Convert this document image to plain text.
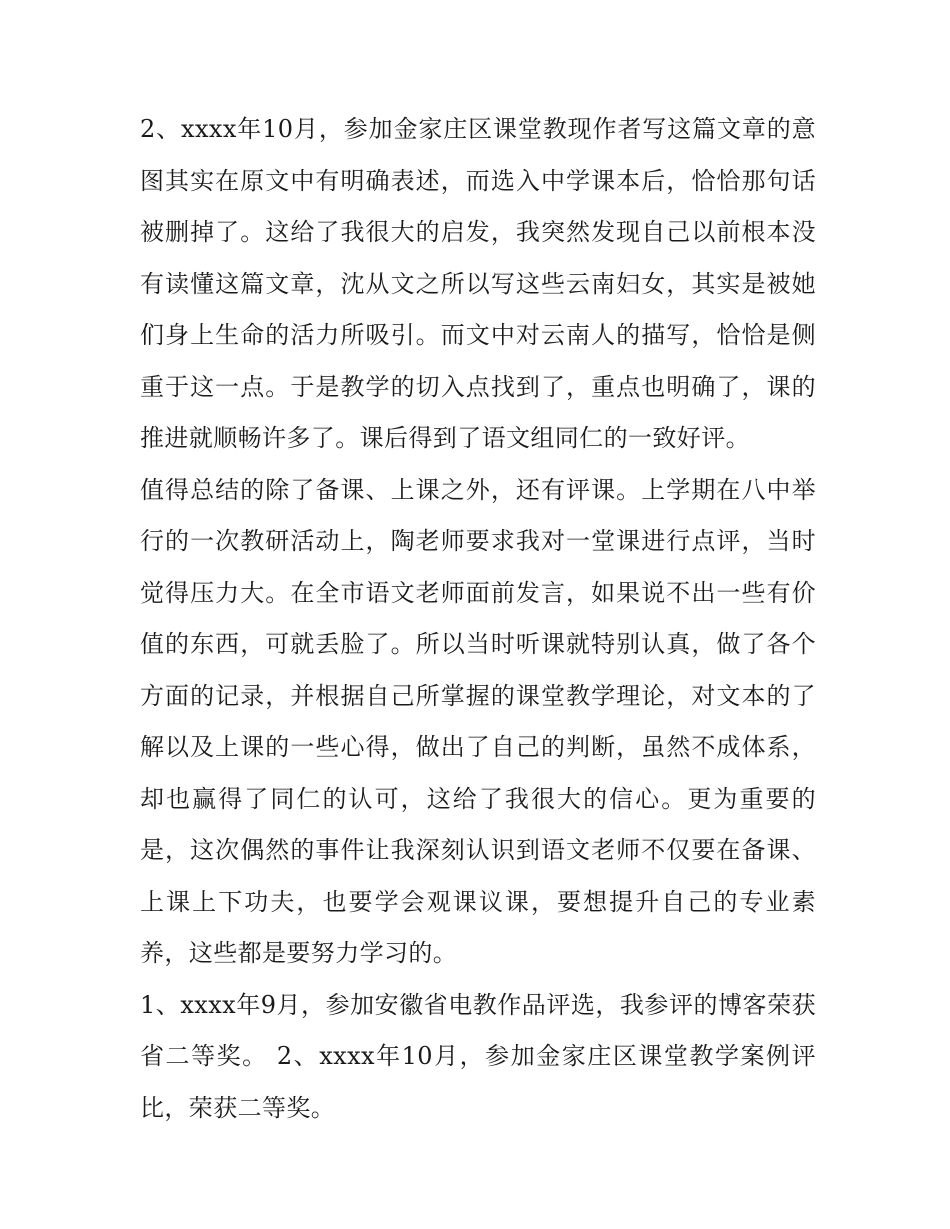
2、xxxx年10月，参加金家庄区课堂教现作者写这篇文章的意图其实在原文中有明确表述，而选入中学课本后，恰恰那句话被删掉了。这给了我很大的启发，我突然发现自己以前根本没有读懂这篇文章，沈从文之所以写这些云南妇女，其实是被她们身上生命的活力所吸引。而文中对云南人的描写，恰恰是侧重于这一点。于是教学的切入点找到了，重点也明确了，课的推进就顺畅许多了。课后得到了语文组同仁的一致好评。

值得总结的除了备课、上课之外，还有评课。上学期在八中举行的一次教研活动上，陶老师要求我对一堂课进行点评，当时觉得压力大。在全市语文老师面前发言，如果说不出一些有价值的东西，可就丢脸了。所以当时听课就特别认真，做了各个方面的记录，并根据自己所掌握的课堂教学理论，对文本的了解以及上课的一些心得，做出了自己的判断，虽然不成体系，却也赢得了同仁的认可，这给了我很大的信心。更为重要的是，这次偶然的事件让我深刻认识到语文老师不仅要在备课、上课上下功夫，也要学会观课议课，要想提升自己的专业素养，这些都是要努力学习的。

1、xxxx年9月，参加安徽省电教作品评选，我参评的博客荣获省二等奖。 2、xxxx年10月，参加金家庄区课堂教学案例评比，荣获二等奖。
